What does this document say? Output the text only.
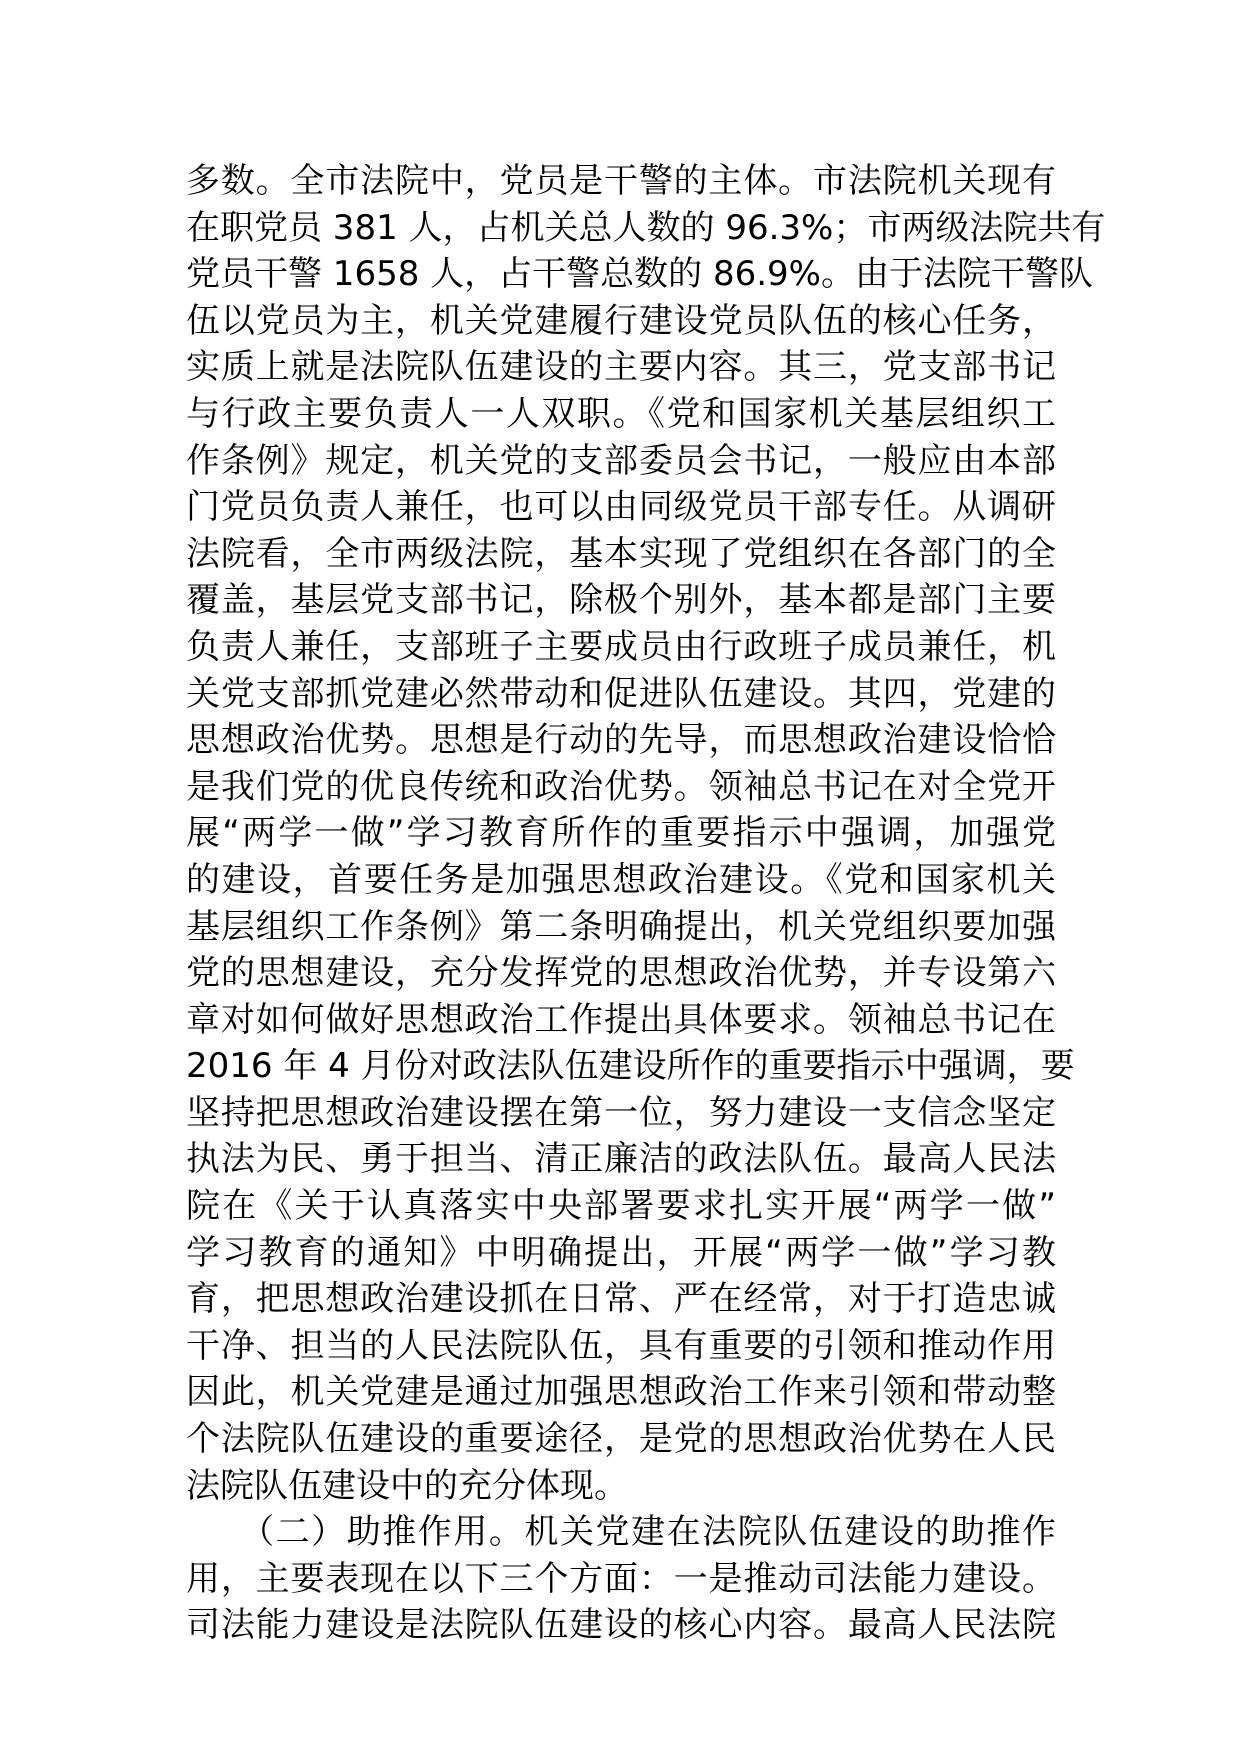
多数。全市法院中，党员是干警的主体。市法院机关现有
在职党员 381 人，占机关总人数的 96.3%；市两级法院共有
党员干警 1658 人，占干警总数的 86.9%。由于法院干警队
伍以党员为主，机关党建履行建设党员队伍的核心任务，
实质上就是法院队伍建设的主要内容。其三，党支部书记
与行政主要负责人一人双职。《党和国家机关基层组织工
作条例》规定，机关党的支部委员会书记，一般应由本部
门党员负责人兼任，也可以由同级党员干部专任。从调研
法院看，全市两级法院，基本实现了党组织在各部门的全
覆盖，基层党支部书记，除极个别外，基本都是部门主要
负责人兼任，支部班子主要成员由行政班子成员兼任，机
关党支部抓党建必然带动和促进队伍建设。其四，党建的
思想政治优势。思想是行动的先导，而思想政治建设恰恰
是我们党的优良传统和政治优势。领袖总书记在对全党开
展“两学一做”学习教育所作的重要指示中强调，加强党
的建设，首要任务是加强思想政治建设。《党和国家机关
基层组织工作条例》第二条明确提出，机关党组织要加强
党的思想建设，充分发挥党的思想政治优势，并专设第六
章对如何做好思想政治工作提出具体要求。领袖总书记在
2016 年 4 月份对政法队伍建设所作的重要指示中强调，要
坚持把思想政治建设摆在第一位，努力建设一支信念坚定
执法为民、勇于担当、清正廉洁的政法队伍。最高人民法
院在《关于认真落实中央部署要求扎实开展“两学一做”
学习教育的通知》中明确提出，开展“两学一做”学习教
育，把思想政治建设抓在日常、严在经常，对于打造忠诚
干净、担当的人民法院队伍，具有重要的引领和推动作用
因此，机关党建是通过加强思想政治工作来引领和带动整
个法院队伍建设的重要途径，是党的思想政治优势在人民
法院队伍建设中的充分体现。
　　（二）助推作用。机关党建在法院队伍建设的助推作
用，主要表现在以下三个方面：一是推动司法能力建设。
司法能力建设是法院队伍建设的核心内容。最高人民法院
